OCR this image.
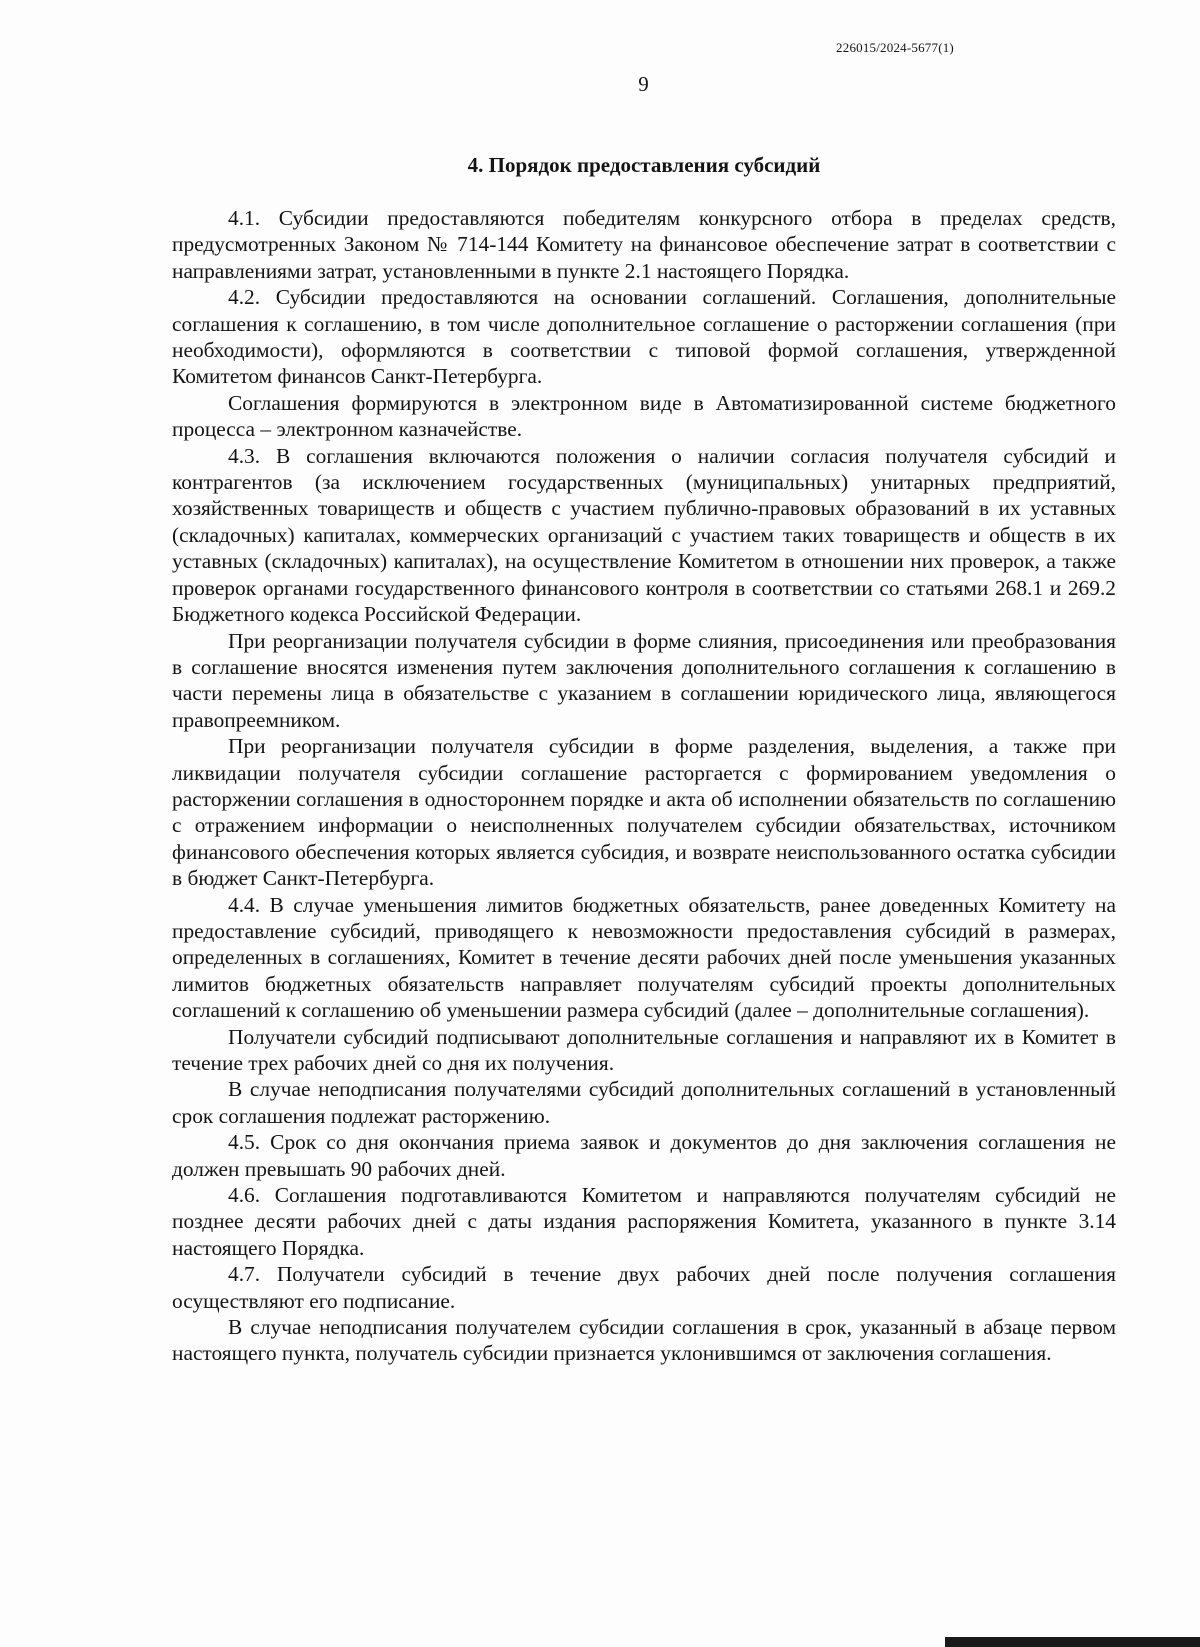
226015/2024-5677(1)
9
4. Порядок предоставления субсидий

4.1. Субсидии предоставляются победителям конкурсного отбора в пределах средств, предусмотренных Законом № 714-144 Комитету на финансовое обеспечение затрат в соответствии с направлениями затрат, установленными в пункте 2.1 настоящего Порядка.

4.2. Субсидии предоставляются на основании соглашений. Соглашения, дополнительные соглашения к соглашению, в том числе дополнительное соглашение о расторжении соглашения (при необходимости), оформляются в соответствии с типовой формой соглашения, утвержденной Комитетом финансов Санкт-Петербурга.

Соглашения формируются в электронном виде в Автоматизированной системе бюджетного процесса – электронном казначействе.

4.3. В соглашения включаются положения о наличии согласия получателя субсидий и контрагентов (за исключением государственных (муниципальных) унитарных предприятий, хозяйственных товариществ и обществ с участием публично-правовых образований в их уставных (складочных) капиталах, коммерческих организаций с участием таких товариществ и обществ в их уставных (складочных) капиталах), на осуществление Комитетом в отношении них проверок, а также проверок органами государственного финансового контроля в соответствии со статьями 268.1 и 269.2 Бюджетного кодекса Российской Федерации.

При реорганизации получателя субсидии в форме слияния, присоединения или преобразования в соглашение вносятся изменения путем заключения дополнительного соглашения к соглашению в части перемены лица в обязательстве с указанием в соглашении юридического лица, являющегося правопреемником.

При реорганизации получателя субсидии в форме разделения, выделения, а также при ликвидации получателя субсидии соглашение расторгается с формированием уведомления о расторжении соглашения в одностороннем порядке и акта об исполнении обязательств по соглашению с отражением информации о неисполненных получателем субсидии обязательствах, источником финансового обеспечения которых является субсидия, и возврате неиспользованного остатка субсидии в бюджет Санкт-Петербурга.

4.4. В случае уменьшения лимитов бюджетных обязательств, ранее доведенных Комитету на предоставление субсидий, приводящего к невозможности предоставления субсидий в размерах, определенных в соглашениях, Комитет в течение десяти рабочих дней после уменьшения указанных лимитов бюджетных обязательств направляет получателям субсидий проекты дополнительных соглашений к соглашению об уменьшении размера субсидий (далее – дополнительные соглашения).

Получатели субсидий подписывают дополнительные соглашения и направляют их в Комитет в течение трех рабочих дней со дня их получения.

В случае неподписания получателями субсидий дополнительных соглашений в установленный срок соглашения подлежат расторжению.

4.5. Срок со дня окончания приема заявок и документов до дня заключения соглашения не должен превышать 90 рабочих дней.

4.6. Соглашения подготавливаются Комитетом и направляются получателям субсидий не позднее десяти рабочих дней с даты издания распоряжения Комитета, указанного в пункте 3.14 настоящего Порядка.

4.7. Получатели субсидий в течение двух рабочих дней после получения соглашения осуществляют его подписание.

В случае неподписания получателем субсидии соглашения в срок, указанный в абзаце первом настоящего пункта, получатель субсидии признается уклонившимся от заключения соглашения.
